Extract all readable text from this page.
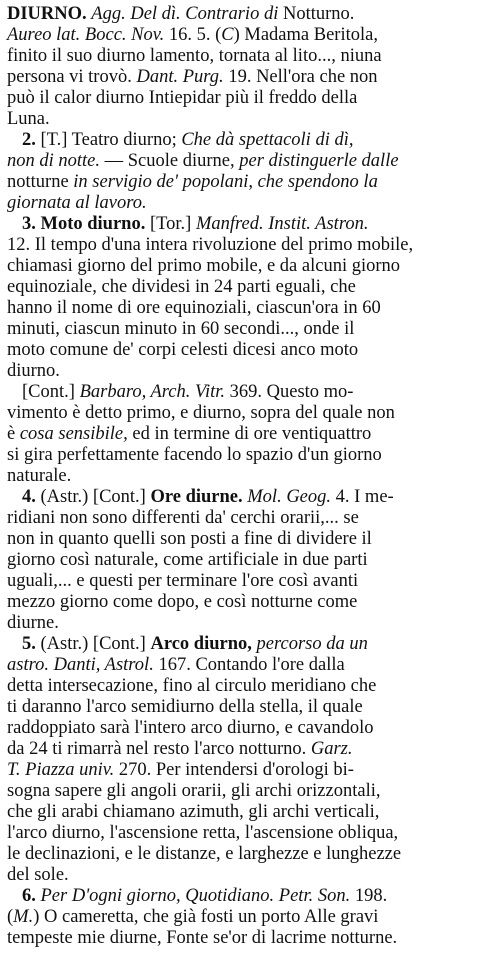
DIURNO. Agg. Del dì. Contrario di Notturno.
Aureo lat. Bocc. Nov. 16. 5. (C) Madama Beritola,
finito il suo diurno lamento, tornata al lito..., niuna
persona vi trovò. Dant. Purg. 19. Nell'ora che non
può il calor diurno Intiepidar più il freddo della
Luna.
2. [T.] Teatro diurno; Che dà spettacoli di dì,
non di notte. — Scuole diurne, per distinguerle dalle
notturne in servigio de' popolani, che spendono la
giornata al lavoro.
3. Moto diurno. [Tor.] Manfred. Instit. Astron.
12. Il tempo d'una intera rivoluzione del primo mobile,
chiamasi giorno del primo mobile, e da alcuni giorno
equinoziale, che dividesi in 24 parti eguali, che
hanno il nome di ore equinoziali, ciascun'ora in 60
minuti, ciascun minuto in 60 secondi..., onde il
moto comune de' corpi celesti dicesi anco moto
diurno.
[Cont.] Barbaro, Arch. Vitr. 369. Questo mo-
vimento è detto primo, e diurno, sopra del quale non
è cosa sensibile, ed in termine di ore ventiquattro
si gira perfettamente facendo lo spazio d'un giorno
naturale.
4. (Astr.) [Cont.] Ore diurne. Mol. Geog. 4. I me-
ridiani non sono differenti da' cerchi orarii,... se
non in quanto quelli son posti a fine di dividere il
giorno così naturale, come artificiale in due parti
uguali,... e questi per terminare l'ore così avanti
mezzo giorno come dopo, e così notturne come
diurne.
5. (Astr.) [Cont.] Arco diurno, percorso da un
astro. Danti, Astrol. 167. Contando l'ore dalla
detta intersecazione, fino al circulo meridiano che
ti daranno l'arco semidiurno della stella, il quale
raddoppiato sarà l'intero arco diurno, e cavandolo
da 24 ti rimarrà nel resto l'arco notturno. Garz.
T. Piazza univ. 270. Per intendersi d'orologi bi-
sogna sapere gli angoli orarii, gli archi orizzontali,
che gli arabi chiamano azimuth, gli archi verticali,
l'arco diurno, l'ascensione retta, l'ascensione obliqua,
le declinazioni, e le distanze, e larghezze e lunghezze
del sole.
6. Per D'ogni giorno, Quotidiano. Petr. Son. 198.
(M.) O cameretta, che già fosti un porto Alle gravi
tempeste mie diurne, Fonte se'or di lacrime notturne.
